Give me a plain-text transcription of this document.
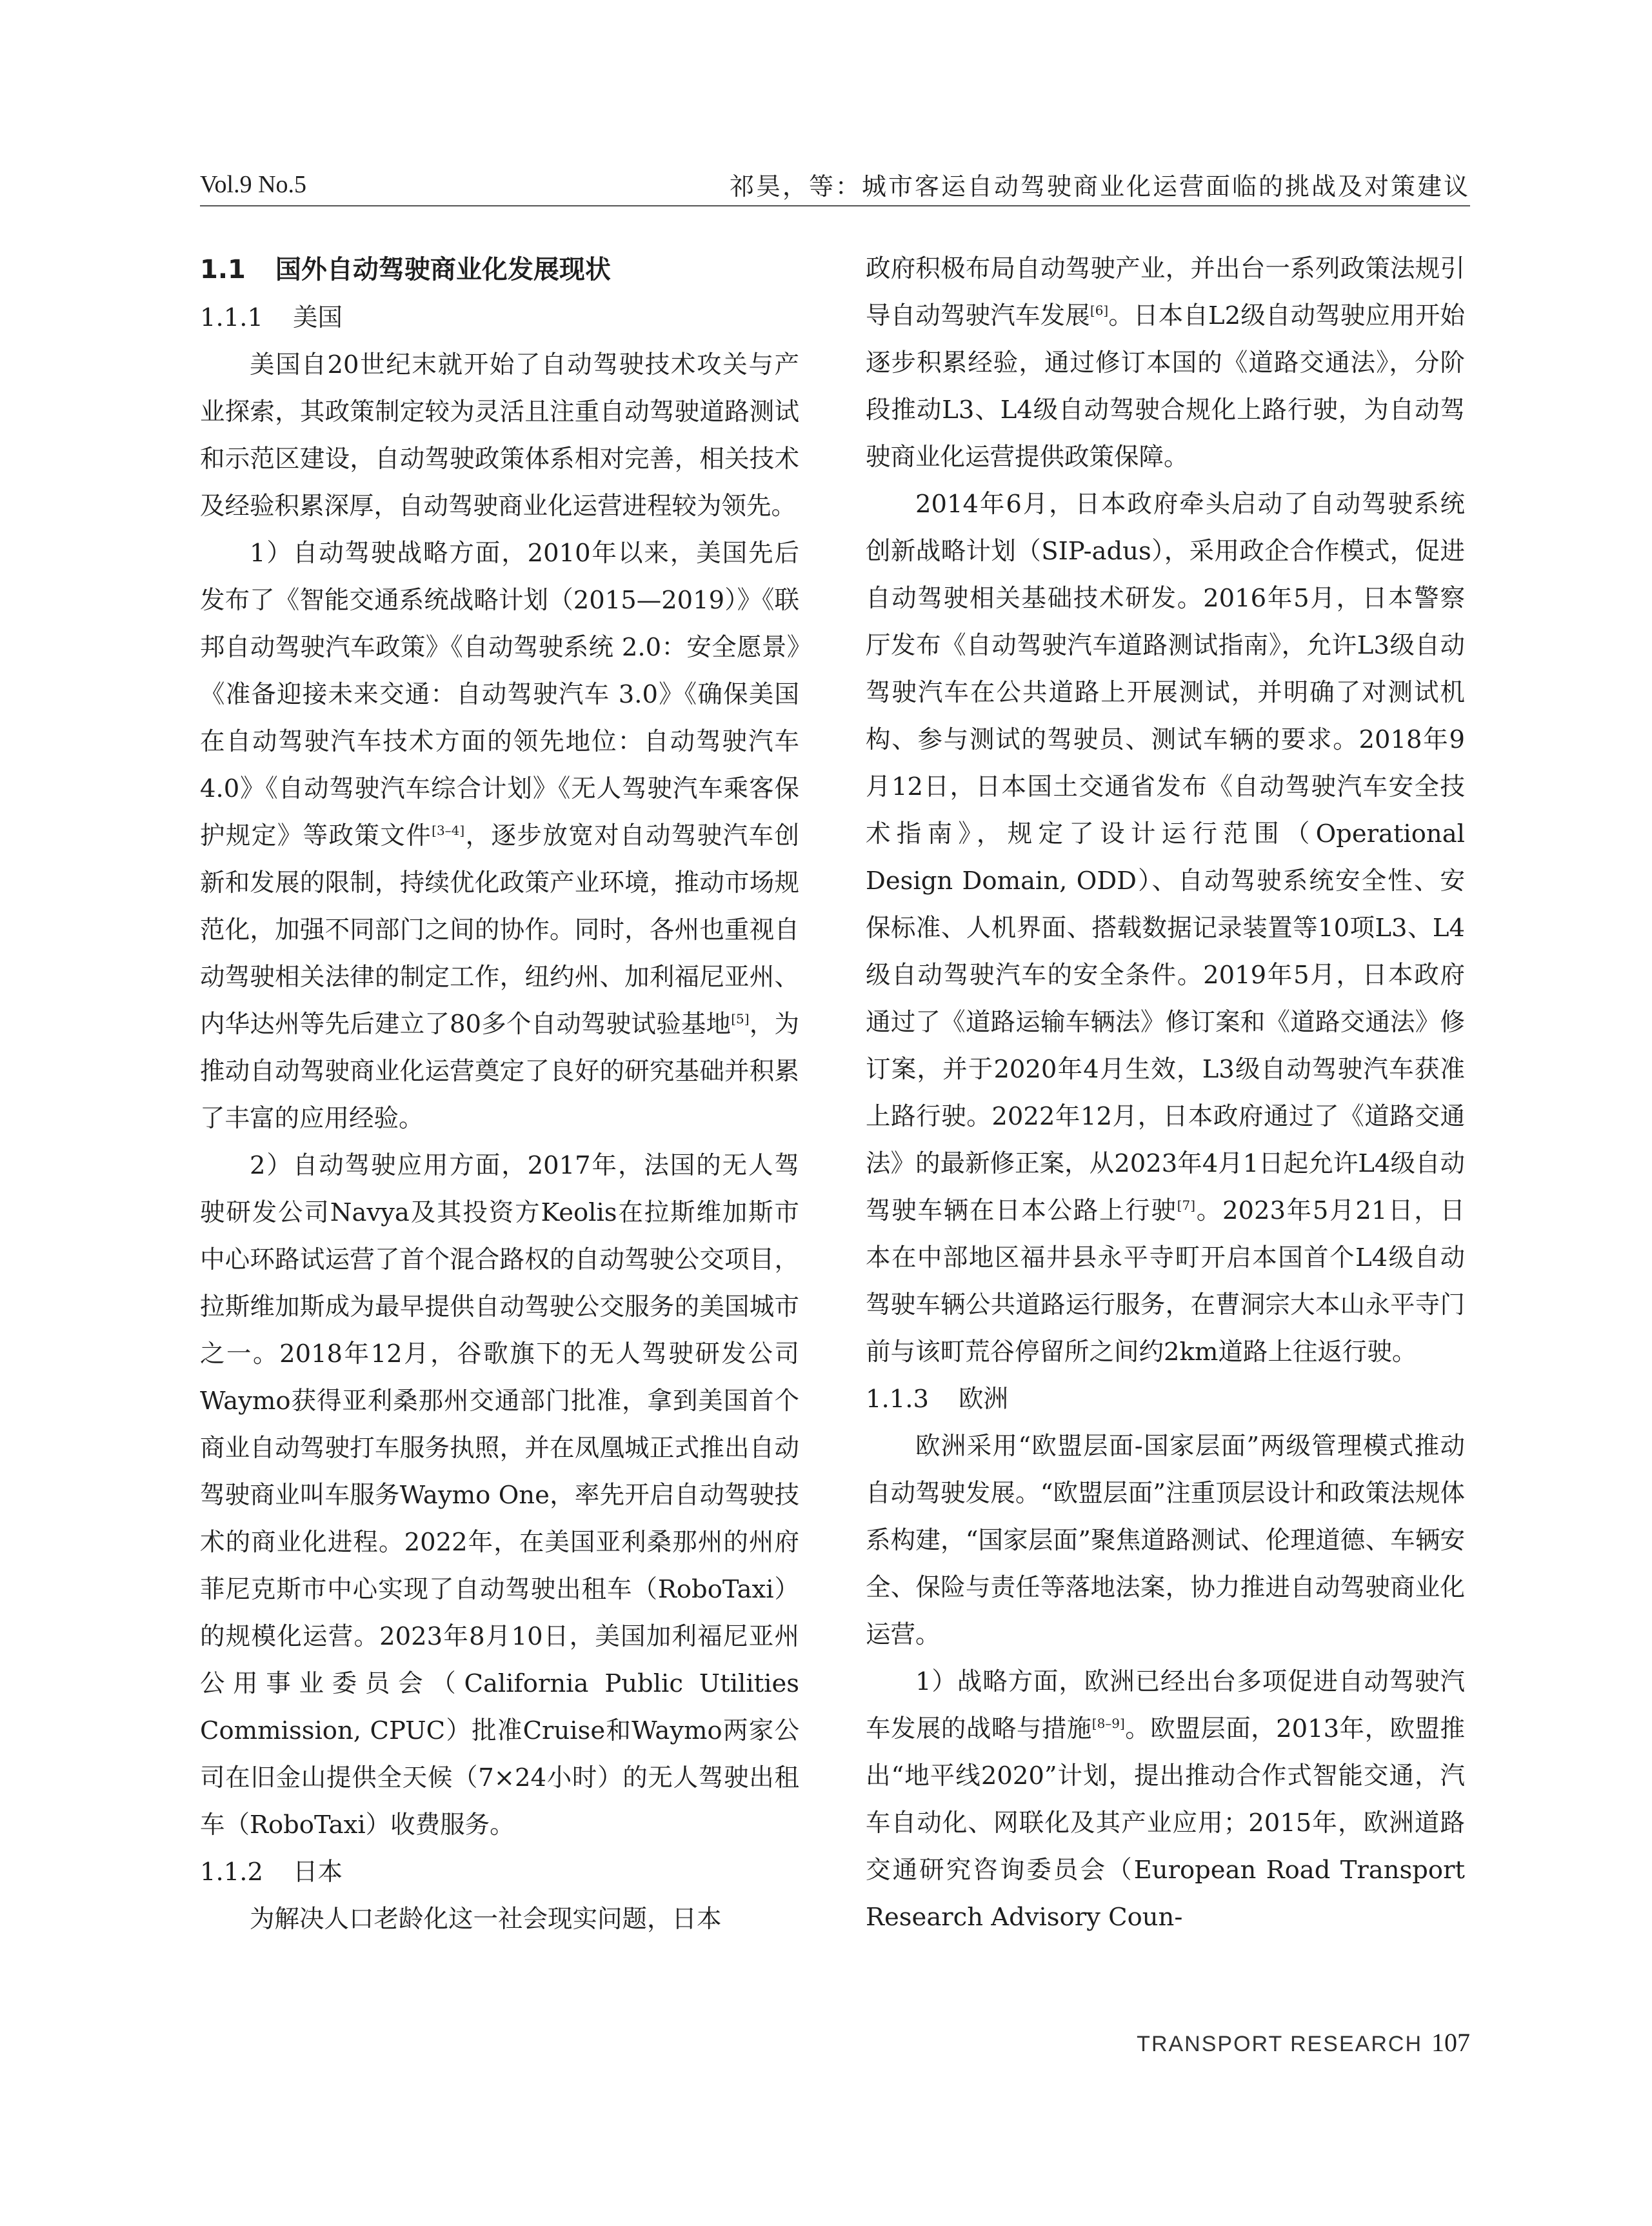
Vol.9 No.5	祁昊，等：城市客运自动驾驶商业化运营面临的挑战及对策建议
1.1 国外自动驾驶商业化发展现状
1.1.1 美国

美国自20世纪末就开始了自动驾驶技术攻关与产业探索，其政策制定较为灵活且注重自动驾驶道路测试和示范区建设，自动驾驶政策体系相对完善，相关技术及经验积累深厚，自动驾驶商业化运营进程较为领先。

1）自动驾驶战略方面，2010年以来，美国先后发布了《智能交通系统战略计划（2015—2019）》《联邦自动驾驶汽车政策》《自动驾驶系统 2.0：安全愿景》《准备迎接未来交通：自动驾驶汽车 3.0》《确保美国在自动驾驶汽车技术方面的领先地位：自动驾驶汽车 4.0》《自动驾驶汽车综合计划》《无人驾驶汽车乘客保护规定》等政策文件[3–4]，逐步放宽对自动驾驶汽车创新和发展的限制，持续优化政策产业环境，推动市场规范化，加强不同部门之间的协作。同时，各州也重视自动驾驶相关法律的制定工作，纽约州、加利福尼亚州、内华达州等先后建立了80多个自动驾驶试验基地[5]，为推动自动驾驶商业化运营奠定了良好的研究基础并积累了丰富的应用经验。

2）自动驾驶应用方面，2017年，法国的无人驾驶研发公司Navya及其投资方Keolis在拉斯维加斯市中心环路试运营了首个混合路权的自动驾驶公交项目，拉斯维加斯成为最早提供自动驾驶公交服务的美国城市之一。2018年12月，谷歌旗下的无人驾驶研发公司Waymo获得亚利桑那州交通部门批准，拿到美国首个商业自动驾驶打车服务执照，并在凤凰城正式推出自动驾驶商业叫车服务Waymo One，率先开启自动驾驶技术的商业化进程。2022年，在美国亚利桑那州的州府菲尼克斯市中心实现了自动驾驶出租车（RoboTaxi）的规模化运营。2023年8月10日，美国加利福尼亚州公用事业委员会（California Public Utilities Commission, CPUC）批准Cruise和Waymo两家公司在旧金山提供全天候（7×24小时）的无人驾驶出租车（RoboTaxi）收费服务。

1.1.2 日本

为解决人口老龄化这一社会现实问题，日本

政府积极布局自动驾驶产业，并出台一系列政策法规引导自动驾驶汽车发展[6]。日本自L2级自动驾驶应用开始逐步积累经验，通过修订本国的《道路交通法》，分阶段推动L3、L4级自动驾驶合规化上路行驶，为自动驾驶商业化运营提供政策保障。

2014年6月，日本政府牵头启动了自动驾驶系统创新战略计划（SIP-adus），采用政企合作模式，促进自动驾驶相关基础技术研发。2016年5月，日本警察厅发布《自动驾驶汽车道路测试指南》，允许L3级自动驾驶汽车在公共道路上开展测试，并明确了对测试机构、参与测试的驾驶员、测试车辆的要求。2018年9月12日，日本国土交通省发布《自动驾驶汽车安全技术指南》，规定了设计运行范围（Operational Design Domain, ODD）、自动驾驶系统安全性、安保标准、人机界面、搭载数据记录装置等10项L3、L4级自动驾驶汽车的安全条件。2019年5月，日本政府通过了《道路运输车辆法》修订案和《道路交通法》修订案，并于2020年4月生效，L3级自动驾驶汽车获准上路行驶。2022年12月，日本政府通过了《道路交通法》的最新修正案，从2023年4月1日起允许L4级自动驾驶车辆在日本公路上行驶[7]。2023年5月21日，日本在中部地区福井县永平寺町开启本国首个L4级自动驾驶车辆公共道路运行服务，在曹洞宗大本山永平寺门前与该町荒谷停留所之间约2km道路上往返行驶。

1.1.3 欧洲

欧洲采用“欧盟层面-国家层面”两级管理模式推动自动驾驶发展。“欧盟层面”注重顶层设计和政策法规体系构建，“国家层面”聚焦道路测试、伦理道德、车辆安全、保险与责任等落地法案，协力推进自动驾驶商业化运营。

1）战略方面，欧洲已经出台多项促进自动驾驶汽车发展的战略与措施[8–9]。欧盟层面，2013年，欧盟推出“地平线2020”计划，提出推动合作式智能交通，汽车自动化、网联化及其产业应用；2015年，欧洲道路交通研究咨询委员会（European Road Transport Research Advisory Coun-

TRANSPORT RESEARCH 107
